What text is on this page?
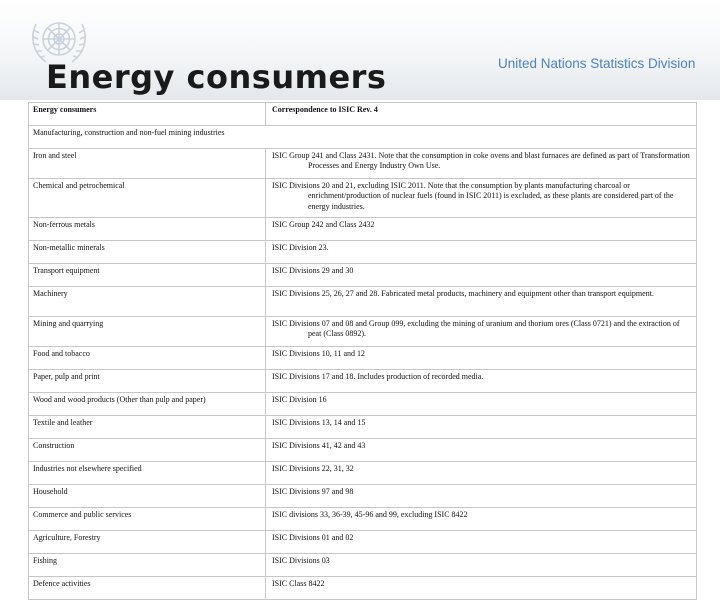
Energy consumers	United Nations Statistics Division
Energy consumers	Correspondence to ISIC Rev. 4
Manufacturing, construction and non-fuel mining industries	
Iron and steel	ISIC Group 241 and Class 2431. Note that the consumption in coke ovens and blast furnaces are defined as part of Transformation Processes and Energy Industry Own Use.

Chemical and petrochemical	ISIC Divisions 20 and 21, excluding ISIC 2011. Note that the consumption by plants manufacturing charcoal or enrichment/production of nuclear fuels (found in ISIC 2011) is excluded, as these plants are considered part of the energy industries.

Non-ferrous metals	ISIC Group 242 and Class 2432

Non-metallic minerals	ISIC Division 23.

Transport equipment	ISIC Divisions 29 and 30

Machinery	ISIC Divisions 25, 26, 27 and 28. Fabricated metal products, machinery and equipment other than transport equipment.

Mining and quarrying	ISIC Divisions 07 and 08 and Group 099, excluding the mining of uranium and thorium ores (Class 0721) and the extraction of peat (Class 0892).

Food and tobacco	ISIC Divisions 10, 11 and 12

Paper, pulp and print	ISIC Divisions 17 and 18. Includes production of recorded media.

Wood and wood products (Other than pulp and paper)	ISIC Division 16

Textile and leather	ISIC Divisions 13, 14 and 15

Construction	ISIC Divisions 41, 42 and 43

Industries not elsewhere specified	ISIC Divisions 22, 31, 32

Household	ISIC Divisions 97 and 98

Commerce and public services	ISIC divisions 33, 36-39, 45-96 and 99, excluding ISIC 8422

Agriculture, Forestry	ISIC Divisions 01 and 02

Fishing	ISIC Divisions 03

Defence activities	ISIC Class 8422
